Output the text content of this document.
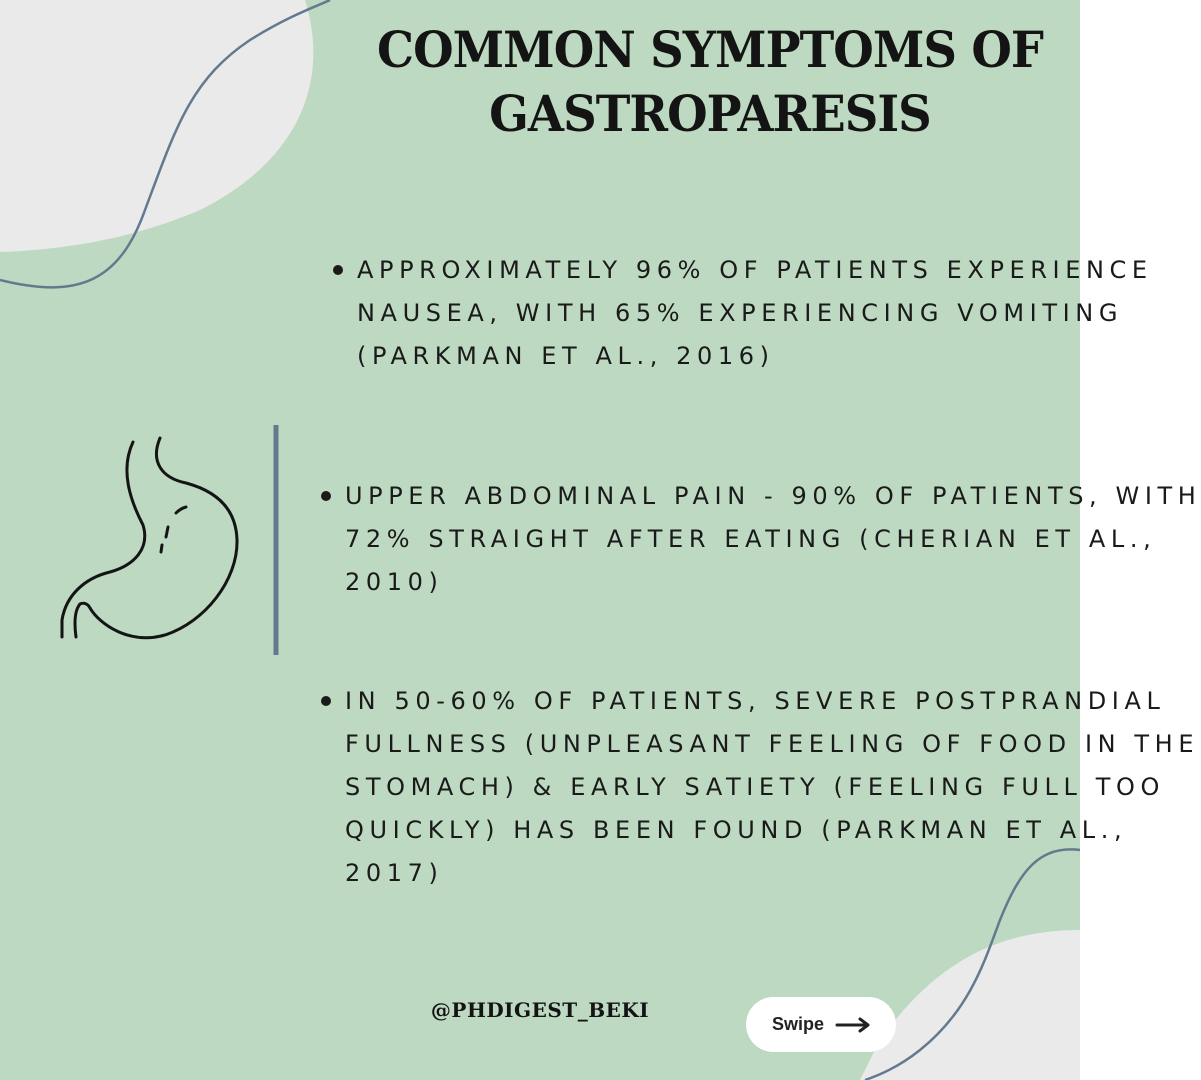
COMMON SYMPTOMS OF
GASTROPARESIS
APPROXIMATELY 96% OF PATIENTS EXPERIENCE
NAUSEA, WITH 65% EXPERIENCING VOMITING
(PARKMAN ET AL., 2016)
UPPER ABDOMINAL PAIN - 90% OF PATIENTS, WITH
72% STRAIGHT AFTER EATING (CHERIAN ET AL.,
2010)
IN 50-60% OF PATIENTS, SEVERE POSTPRANDIAL
FULLNESS (UNPLEASANT FEELING OF FOOD IN THE
STOMACH) & EARLY SATIETY (FEELING FULL TOO
QUICKLY) HAS BEEN FOUND (PARKMAN ET AL.,
2017)
@PHDIGEST_BEKI
Swipe
